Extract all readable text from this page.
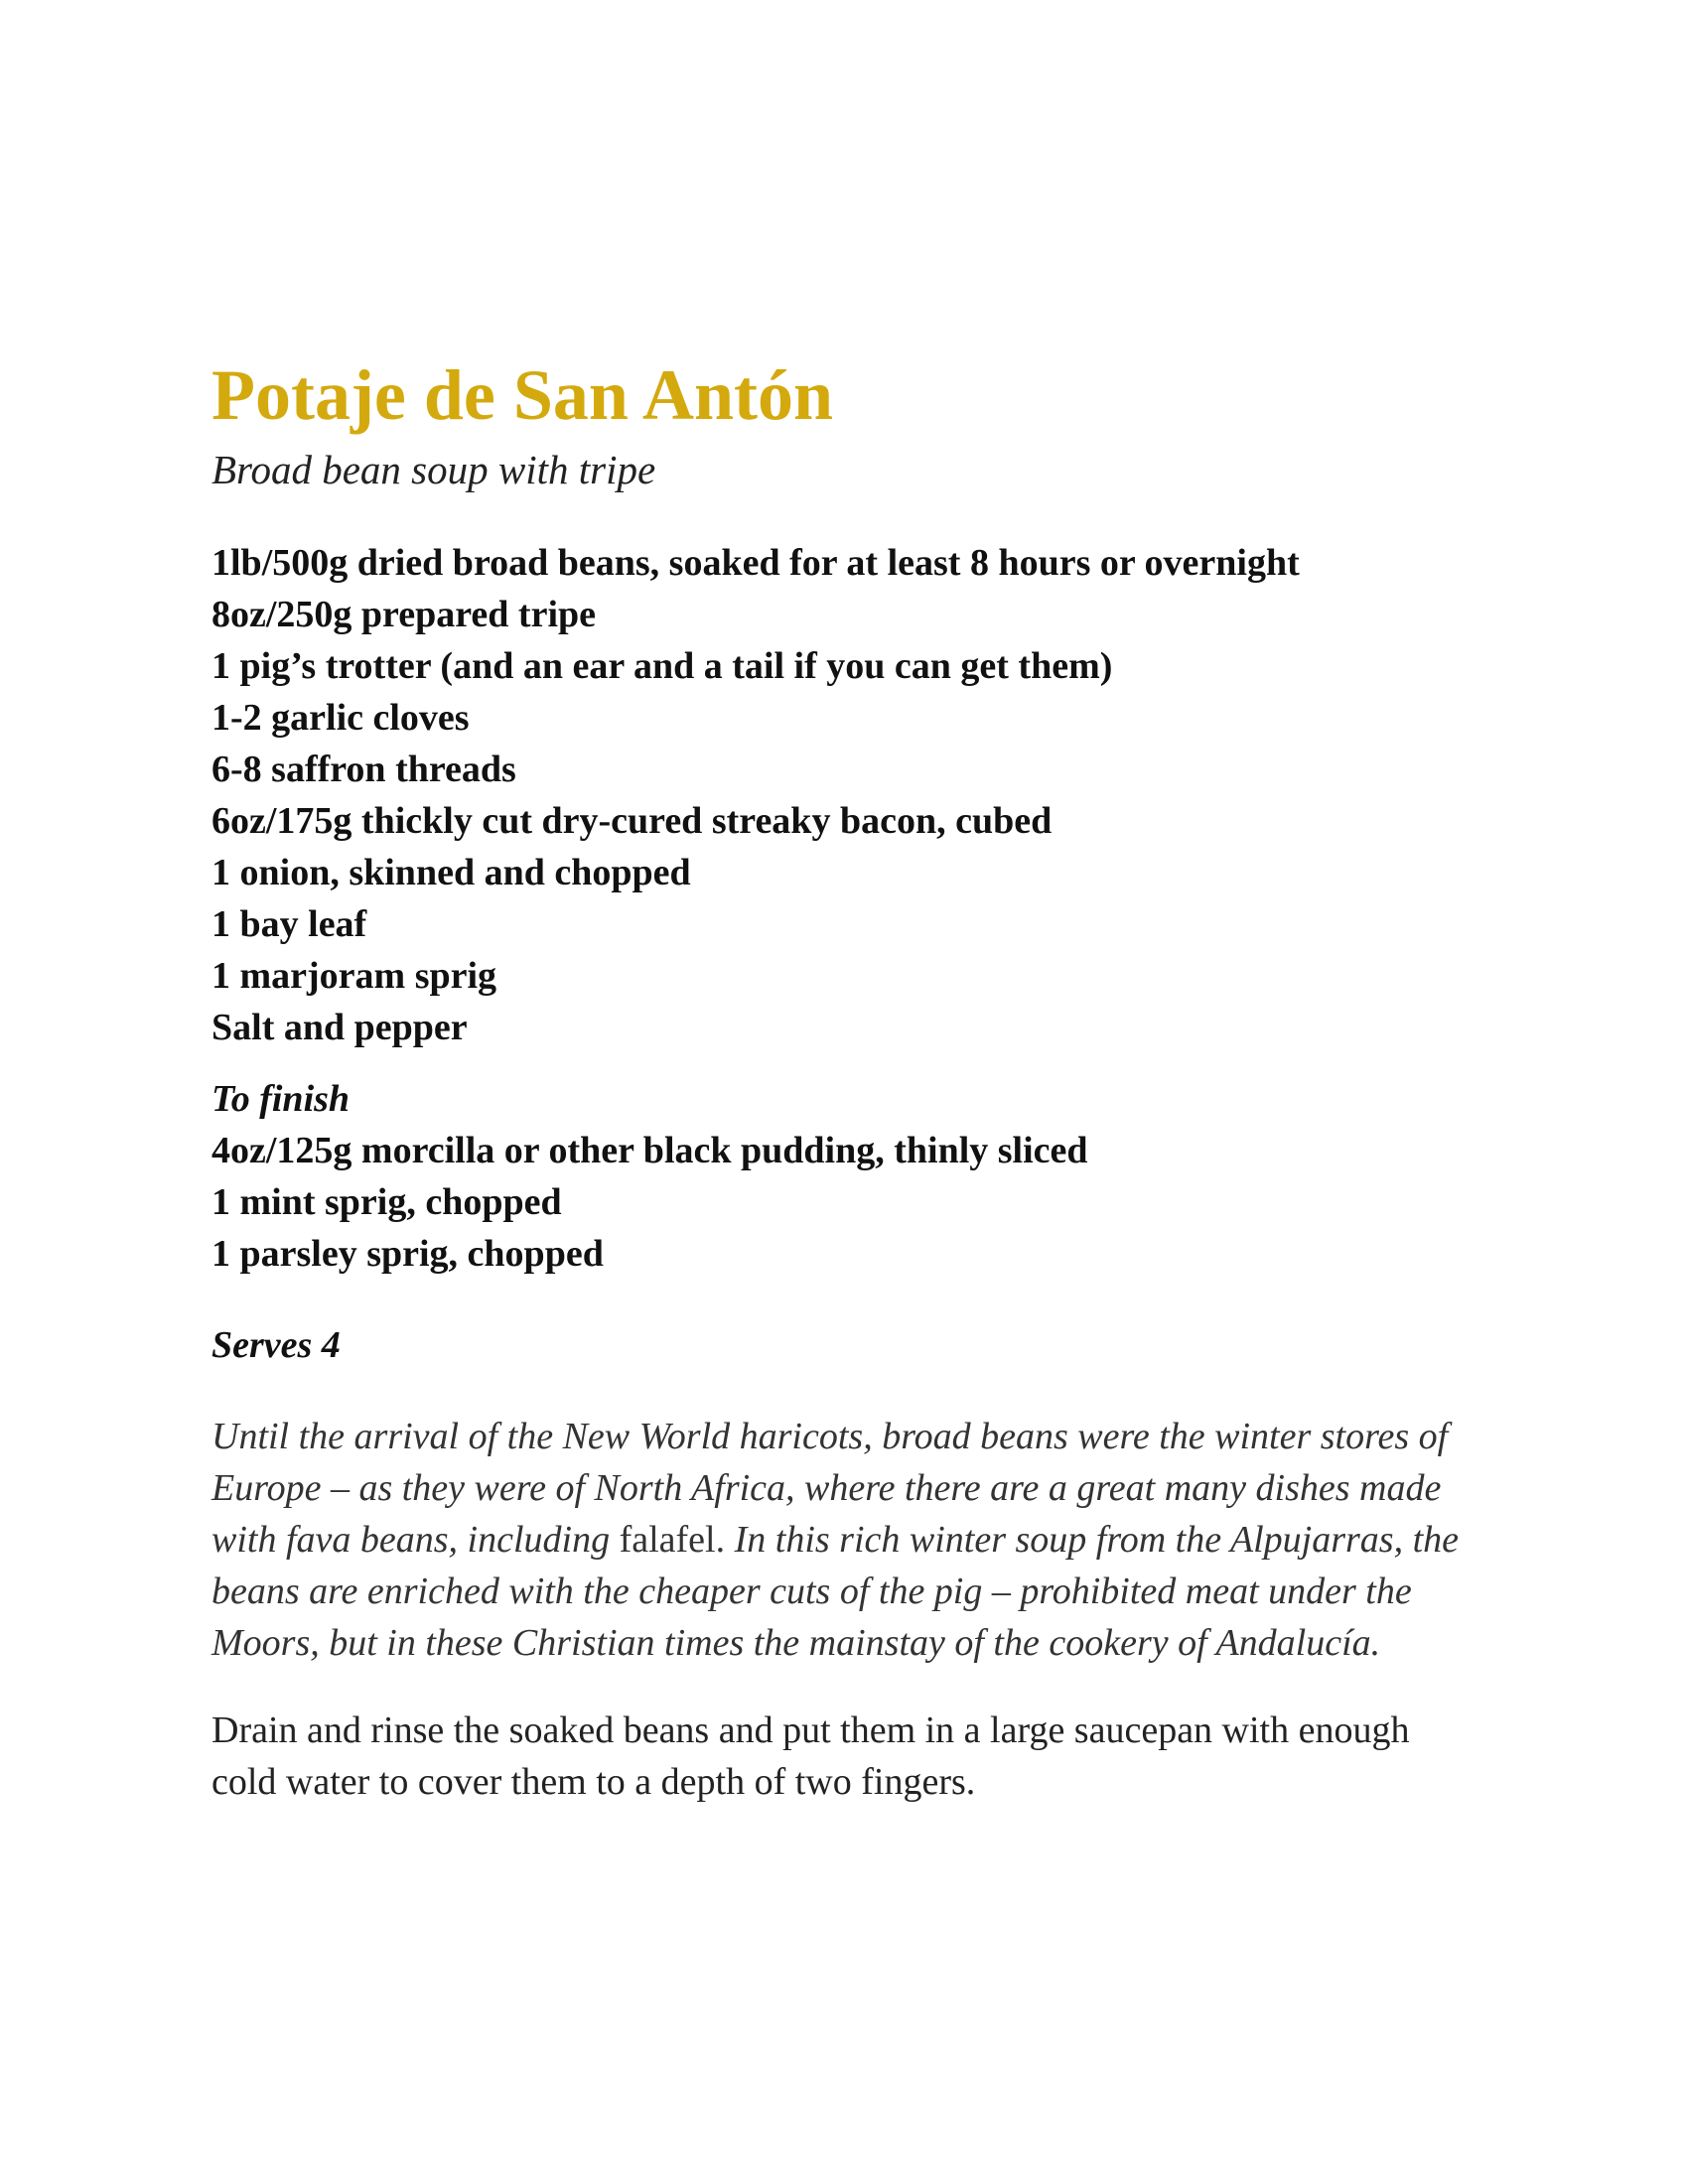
Potaje de San Antón

Broad bean soup with tripe

1lb/500g dried broad beans, soaked for at least 8 hours or overnight
8oz/250g prepared tripe
1 pig’s trotter (and an ear and a tail if you can get them)
1-2 garlic cloves
6-8 saffron threads
6oz/175g thickly cut dry-cured streaky bacon, cubed
1 onion, skinned and chopped
1 bay leaf
1 marjoram sprig
Salt and pepper

To finish

4oz/125g morcilla or other black pudding, thinly sliced
1 mint sprig, chopped
1 parsley sprig, chopped

Serves 4

Until the arrival of the New World haricots, broad beans were the winter stores of Europe – as they were of North Africa, where there are a great many dishes made with fava beans, including falafel. In this rich winter soup from the Alpujarras, the beans are enriched with the cheaper cuts of the pig – prohibited meat under the Moors, but in these Christian times the mainstay of the cookery of Andalucía.

Drain and rinse the soaked beans and put them in a large saucepan with enough cold water to cover them to a depth of two fingers.
